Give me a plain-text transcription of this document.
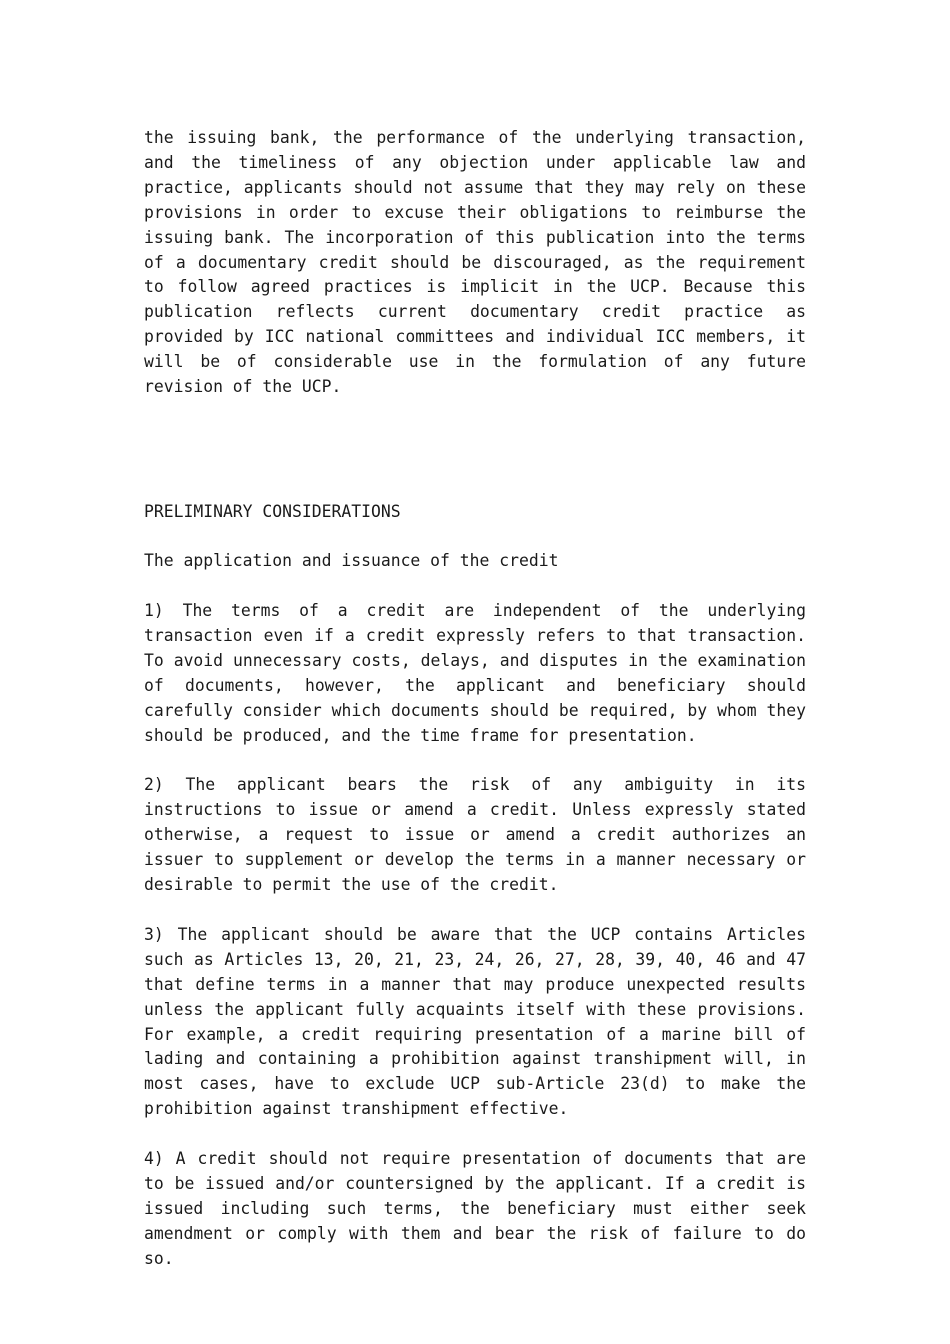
the issuing bank, the performance of the underlying transaction, and the timeliness of any objection under applicable law and practice, applicants should not assume that they may rely on these provisions in order to excuse their obligations to reimburse the issuing bank. The incorporation of this publication into the terms of a documentary credit should be discouraged, as the requirement to follow agreed practices is implicit in the UCP. Because this publication reflects current documentary credit practice as provided by ICC national committees and individual ICC members, it will be of considerable use in the formulation of any future revision of the UCP.

PRELIMINARY CONSIDERATIONS

The application and issuance of the credit

1) The terms of a credit are independent of the underlying transaction even if a credit expressly refers to that transaction. To avoid unnecessary costs, delays, and disputes in the examination of documents, however, the applicant and beneficiary should carefully consider which documents should be required, by whom they should be produced, and the time frame for presentation.

2) The applicant bears the risk of any ambiguity in its instructions to issue or amend a credit. Unless expressly stated otherwise, a request to issue or amend a credit authorizes an issuer to supplement or develop the terms in a manner necessary or desirable to permit the use of the credit.

3) The applicant should be aware that the UCP contains Articles such as Articles 13, 20, 21, 23, 24, 26, 27, 28, 39, 40, 46 and 47 that define terms in a manner that may produce unexpected results unless the applicant fully acquaints itself with these provisions. For example, a credit requiring presentation of a marine bill of lading and containing a prohibition against transhipment will, in most cases, have to exclude UCP sub-Article 23(d) to make the prohibition against transhipment effective.

4) A credit should not require presentation of documents that are to be issued and/or countersigned by the applicant. If a credit is issued including such terms, the beneficiary must either seek amendment or comply with them and bear the risk of failure to do so.
